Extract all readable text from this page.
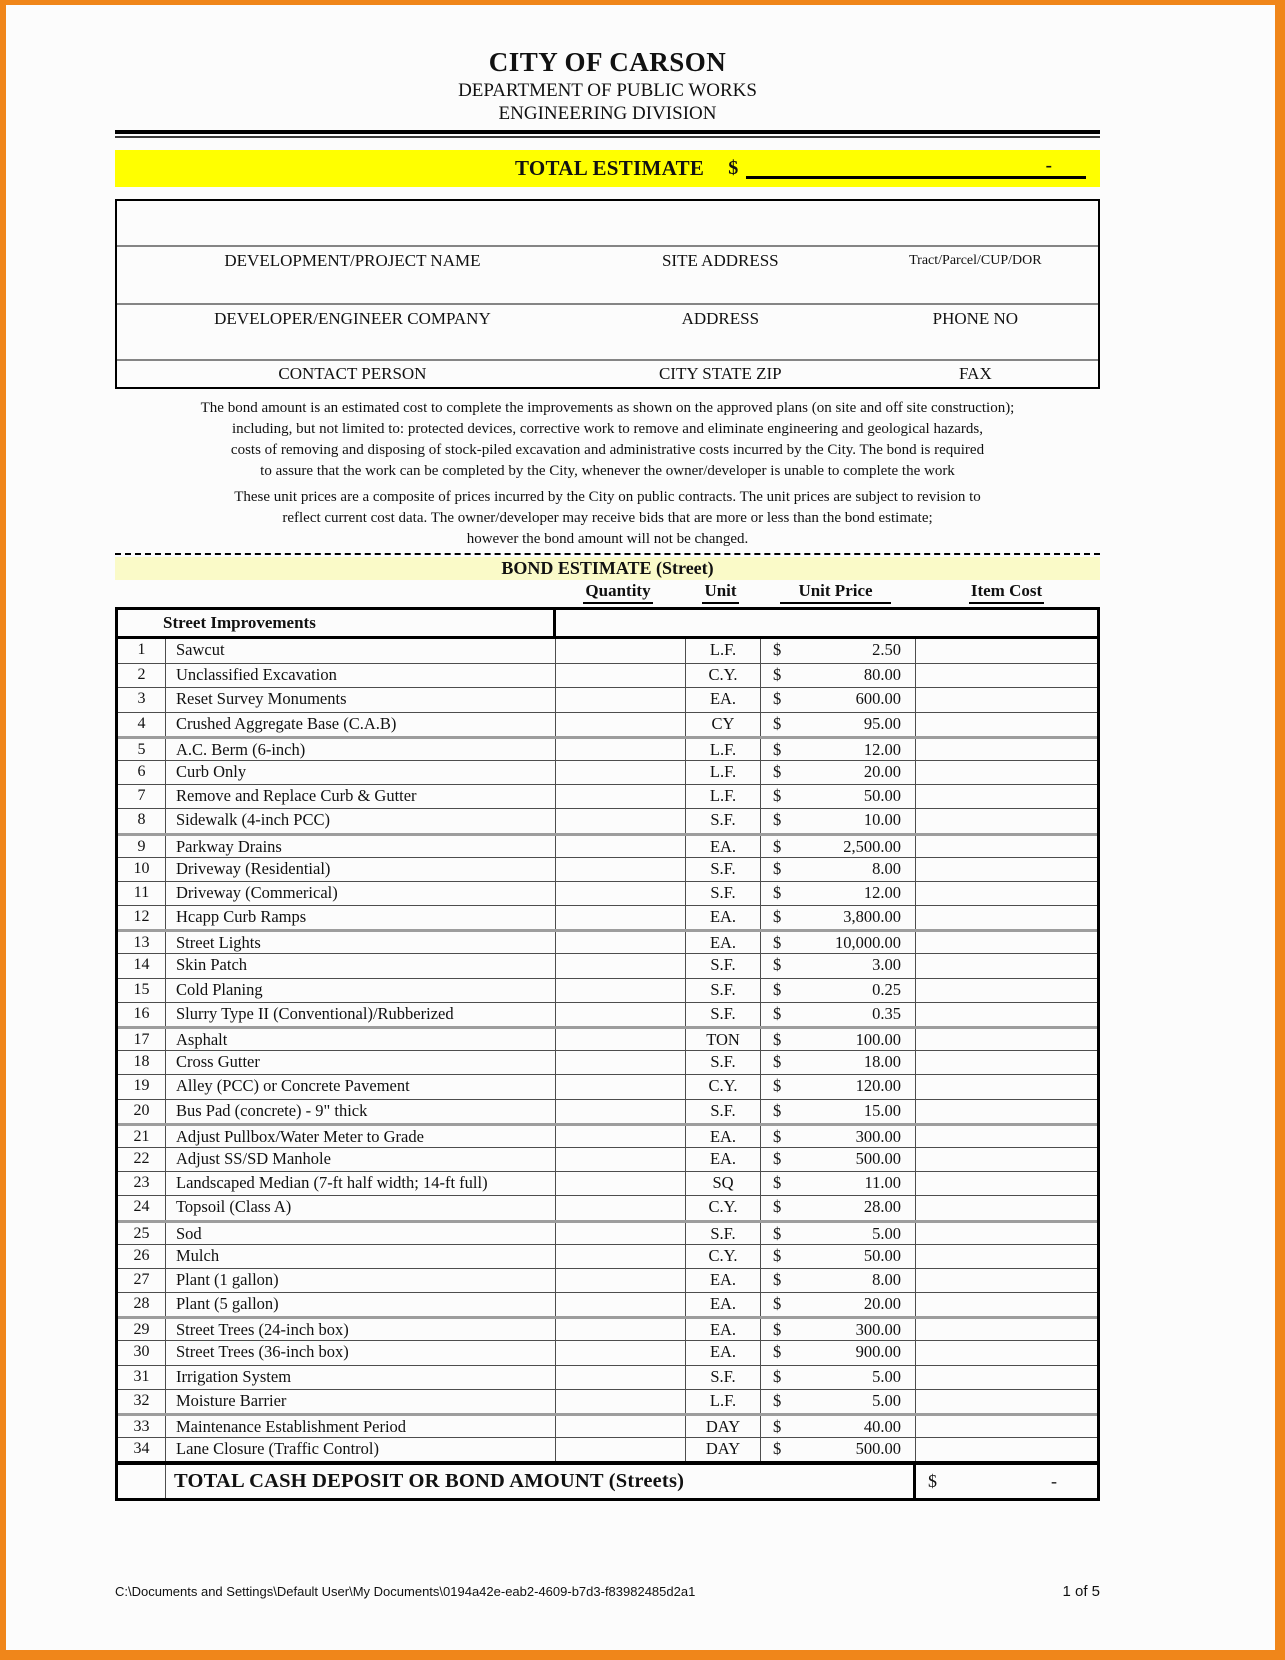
CITY OF CARSON
DEPARTMENT OF PUBLIC WORKS
ENGINEERING DIVISION
TOTAL ESTIMATE $	-
DEVELOPMENT/PROJECT NAME	SITE ADDRESS	Tract/Parcel/CUP/DOR
DEVELOPER/ENGINEER COMPANY	ADDRESS	PHONE NO
CONTACT PERSON	CITY STATE ZIP	FAX
The bond amount is an estimated cost to complete the improvements as shown on the approved plans (on site and off site construction);
including, but not limited to: protected devices, corrective work to remove and eliminate engineering and geological hazards,
costs of removing and disposing of stock-piled excavation and administrative costs incurred by the City. The bond is required
to assure that the work can be completed by the City, whenever the owner/developer is unable to complete the work
These unit prices are a composite of prices incurred by the City on public contracts. The unit prices are subject to revision to
reflect current cost data. The owner/developer may receive bids that are more or less than the bond estimate;
however the bond amount will not be changed.
BOND ESTIMATE (Street)
Quantity	Unit	Unit Price	Item Cost
Street Improvements
1	Sawcut	L.F.	$	2.50
2	Unclassified Excavation	C.Y.	$	80.00
3	Reset Survey Monuments	EA.	$	600.00
4	Crushed Aggregate Base (C.A.B)	CY	$	95.00
5	A.C. Berm (6-inch)	L.F.	$	12.00
6	Curb Only	L.F.	$	20.00
7	Remove and Replace Curb & Gutter	L.F.	$	50.00
8	Sidewalk (4-inch PCC)	S.F.	$	10.00
9	Parkway Drains	EA.	$	2,500.00
10	Driveway (Residential)	S.F.	$	8.00
11	Driveway (Commerical)	S.F.	$	12.00
12	Hcapp Curb Ramps	EA.	$	3,800.00
13	Street Lights	EA.	$	10,000.00
14	Skin Patch	S.F.	$	3.00
15	Cold Planing	S.F.	$	0.25
16	Slurry Type II (Conventional)/Rubberized	S.F.	$	0.35
17	Asphalt	TON	$	100.00
18	Cross Gutter	S.F.	$	18.00
19	Alley (PCC) or Concrete Pavement	C.Y.	$	120.00
20	Bus Pad (concrete) - 9" thick	S.F.	$	15.00
21	Adjust Pullbox/Water Meter to Grade	EA.	$	300.00
22	Adjust SS/SD Manhole	EA.	$	500.00
23	Landscaped Median (7-ft half width; 14-ft full)	SQ	$	11.00
24	Topsoil (Class A)	C.Y.	$	28.00
25	Sod	S.F.	$	5.00
26	Mulch	C.Y.	$	50.00
27	Plant (1 gallon)	EA.	$	8.00
28	Plant (5 gallon)	EA.	$	20.00
29	Street Trees (24-inch box)	EA.	$	300.00
30	Street Trees (36-inch box)	EA.	$	900.00
31	Irrigation System	S.F.	$	5.00
32	Moisture Barrier	L.F.	$	5.00
33	Maintenance Establishment Period	DAY	$	40.00
34	Lane Closure (Traffic Control)	DAY	$	500.00
TOTAL CASH DEPOSIT OR BOND AMOUNT (Streets)	$	-
C:\Documents and Settings\Default User\My Documents\0194a42e-eab2-4609-b7d3-f83982485d2a1	1 of 5
